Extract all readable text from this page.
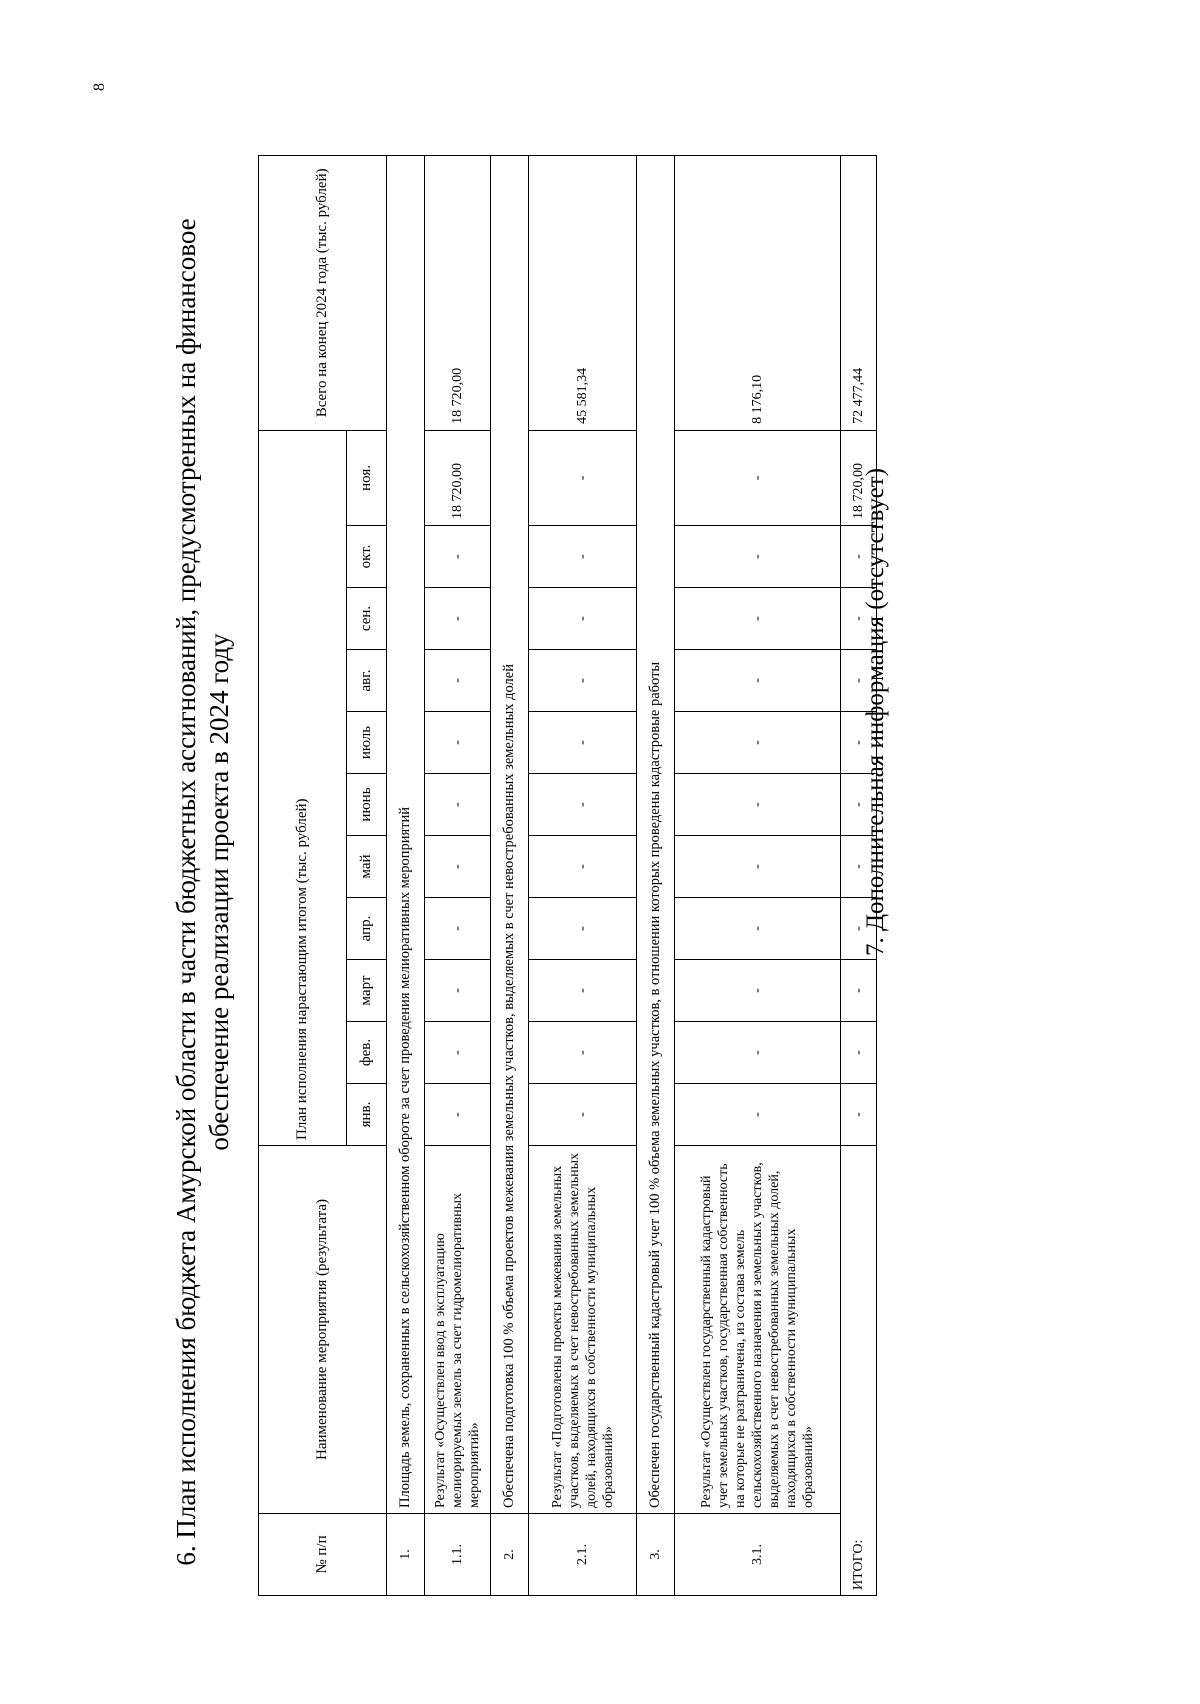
8
6. План исполнения бюджета Амурской области в части бюджетных ассигнований, предусмотренных на финансовое обеспечение реализации проекта в 2024 году
№ п/п	Наименование мероприятия (результата)	План исполнения нарастающим итогом (тыс. рублей)											Всего на конец 2024 года (тыс. рублей)
		янв.	фев.	март	апр.	май	июнь	июль	авг.	сен.	окт.	ноя.	
1.	Площадь земель, сохраненных в сельскохозяйственном обороте за счет проведения мелиоративных мероприятий												
1.1.	Результат «Осуществлен ввод в эксплуатацию мелиорируемых земель за счет гидромелиоративных мероприятий»	-	-	-	-	-	-	-	-	-	-	18 720,00	18 720,00
2.	Обеспечена подготовка 100 % объема проектов межевания земельных участков, выделяемых в счет невостребованных земельных долей												
2.1.	Результат «Подготовлены проекты межевания земельных участков, выделяемых в счет невостребованных земельных долей, находящихся в собственности муниципальных образований»	-	-	-	-	-	-	-	-	-	-	-	45 581,34
3.	Обеспечен государственный кадастровый учет 100 % объема земельных участков, в отношении которых проведены кадастровые работы												
3.1.	Результат «Осуществлен государственный кадастровый учет земельных участков, государственная собственность на которые не разграничена, из состава земель сельскохозяйственного назначения и земельных участков, выделяемых в счет невостребованных земельных долей, находящихся в собственности муниципальных образований»	-	-	-	-	-	-	-	-	-	-	-	8 176,10
ИТОГО:		-	-	-	-	-	-	-	-	-	-	18 720,00	72 477,44
7. Дополнительная информация (отсутствует)
